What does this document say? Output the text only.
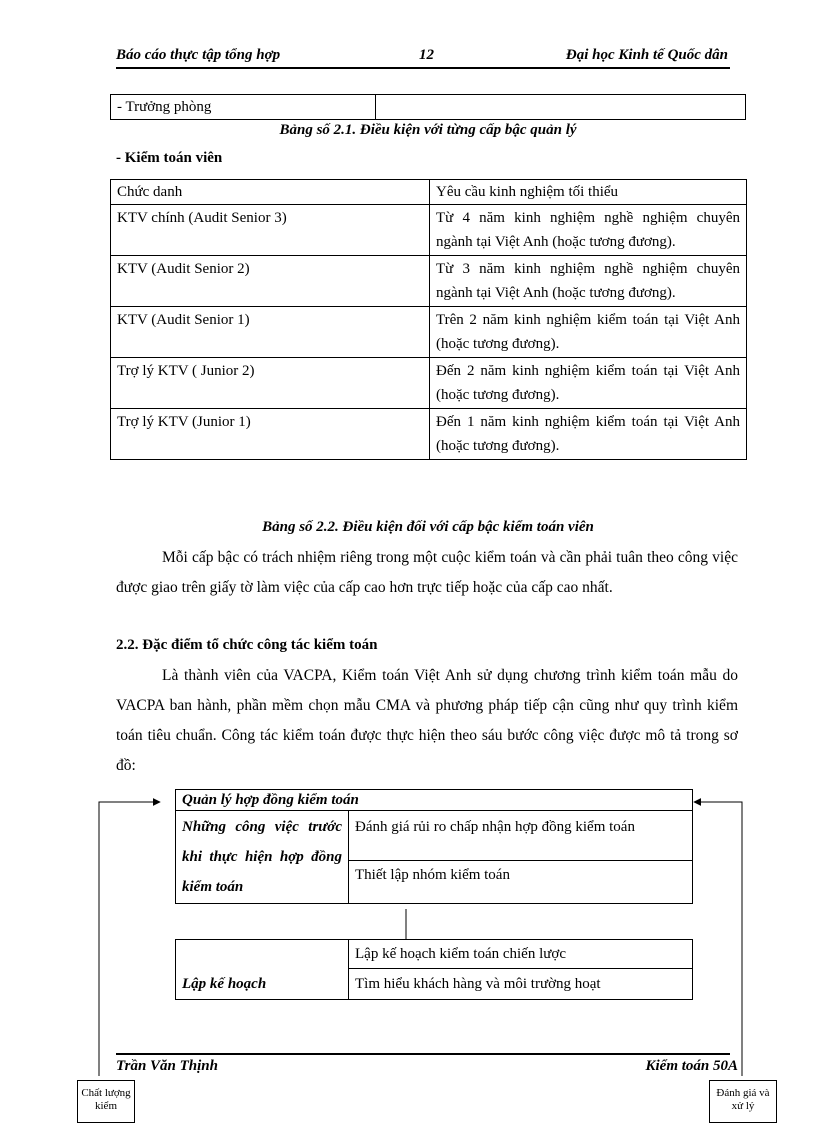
Báo cáo thực tập tổng hợp	12	Đại học Kinh tế Quốc dân
- Trưởng phòng	
Bảng số 2.1. Điều kiện với từng cấp bậc quản lý
- Kiểm toán viên
Chức danh	Yêu cầu kinh nghiệm tối thiểu
KTV chính (Audit Senior 3)	Từ 4 năm kinh nghiệm nghề nghiệm chuyên ngành tại Việt Anh (hoặc tương đương).
KTV (Audit Senior 2)	Từ 3 năm kinh nghiệm nghề nghiệm chuyên ngành tại Việt Anh (hoặc tương đương).
KTV (Audit Senior 1)	Trên 2 năm kinh nghiệm kiểm toán tại Việt Anh (hoặc tương đương).
Trợ lý KTV ( Junior 2)	Đến 2 năm kinh nghiệm kiểm toán tại Việt Anh (hoặc tương đương).
Trợ lý KTV (Junior 1)	Đến 1 năm kinh nghiệm kiểm toán tại Việt Anh (hoặc tương đương).
Bảng số 2.2. Điều kiện đối với cấp bậc kiểm toán viên

Mỗi cấp bậc có trách nhiệm riêng trong một cuộc kiểm toán và cần phải tuân theo công việc được giao trên giấy tờ làm việc của cấp cao hơn trực tiếp hoặc của cấp cao nhất.

2.2. Đặc điểm tổ chức công tác kiểm toán

Là thành viên của VACPA, Kiểm toán Việt Anh sử dụng chương trình kiểm toán mẫu do VACPA ban hành, phần mềm chọn mẫu CMA và phương pháp tiếp cận cũng như quy trình kiểm toán tiêu chuẩn. Công tác kiểm toán được thực hiện theo sáu bước công việc được mô tả trong sơ đồ:

Quản lý hợp đồng kiểm toán
Những công việc trước khi thực hiện hợp đồng kiểm toán	Đánh giá rủi ro chấp nhận hợp đồng kiểm toán
Thiết lập nhóm kiểm toán
Lập kế hoạch	Lập kế hoạch kiểm toán chiến lược
Tìm hiểu khách hàng và môi trường hoạt
Trần Văn Thịnh	Kiểm toán 50A
Chất lượng kiểm
Đánh giá và xử lý
